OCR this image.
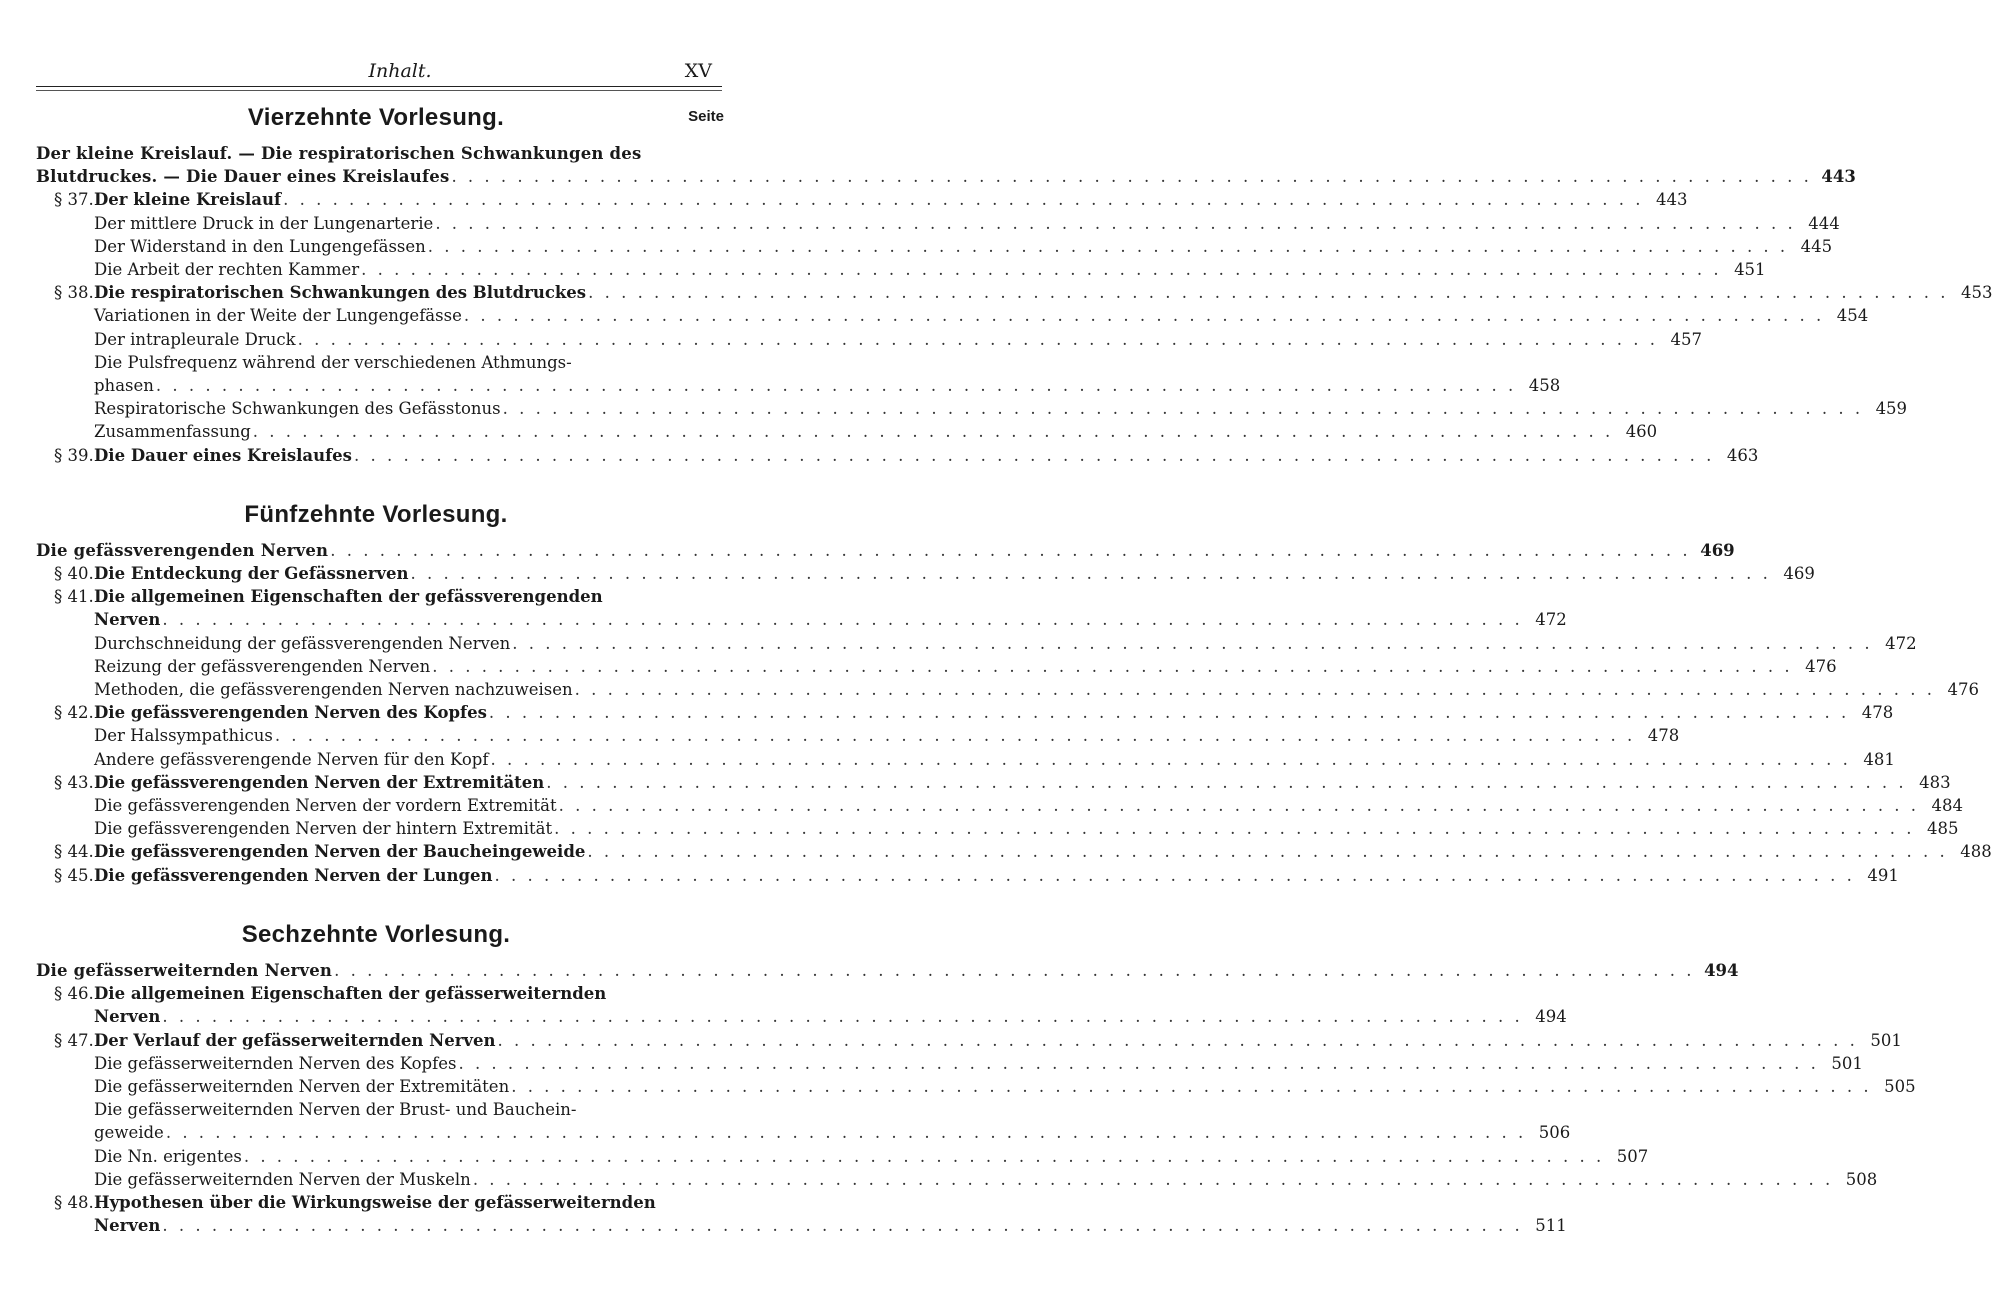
Inhalt.	XV
Vierzehnte Vorlesung.	Seite
Der kleine Kreislauf. — Die respiratorischen Schwankungen des
Blutdruckes. — Die Dauer eines Kreislaufes . . . . . . . . . . . . . . . . . . . . . . . . . . . . . . . . . . . . . . . . . . . . . . . . . . . . . . . . . . . . . . . . . . . . . . . . . . . . . . . . . . . 443
§ 37.Der kleine Kreislauf . . . . . . . . . . . . . . . . . . . . . . . . . . . . . . . . . . . . . . . . . . . . . . . . . . . . . . . . . . . . . . . . . . . . . . . . . . . . . . . . . . . 443
Der mittlere Druck in der Lungenarterie . . . . . . . . . . . . . . . . . . . . . . . . . . . . . . . . . . . . . . . . . . . . . . . . . . . . . . . . . . . . . . . . . . . . . . . . . . . . . . . . . . . 444
Der Widerstand in den Lungengefässen . . . . . . . . . . . . . . . . . . . . . . . . . . . . . . . . . . . . . . . . . . . . . . . . . . . . . . . . . . . . . . . . . . . . . . . . . . . . . . . . . . . 445
Die Arbeit der rechten Kammer . . . . . . . . . . . . . . . . . . . . . . . . . . . . . . . . . . . . . . . . . . . . . . . . . . . . . . . . . . . . . . . . . . . . . . . . . . . . . . . . . . . 451
§ 38.Die respiratorischen Schwankungen des Blutdruckes . . . . . . . . . . . . . . . . . . . . . . . . . . . . . . . . . . . . . . . . . . . . . . . . . . . . . . . . . . . . . . . . . . . . . . . . . . . . . . . . . . . 453
Variationen in der Weite der Lungengefässe . . . . . . . . . . . . . . . . . . . . . . . . . . . . . . . . . . . . . . . . . . . . . . . . . . . . . . . . . . . . . . . . . . . . . . . . . . . . . . . . . . . 454
Der intrapleurale Druck . . . . . . . . . . . . . . . . . . . . . . . . . . . . . . . . . . . . . . . . . . . . . . . . . . . . . . . . . . . . . . . . . . . . . . . . . . . . . . . . . . . 457
Die Pulsfrequenz während der verschiedenen Athmungs-
phasen . . . . . . . . . . . . . . . . . . . . . . . . . . . . . . . . . . . . . . . . . . . . . . . . . . . . . . . . . . . . . . . . . . . . . . . . . . . . . . . . . . . 458
Respiratorische Schwankungen des Gefässtonus . . . . . . . . . . . . . . . . . . . . . . . . . . . . . . . . . . . . . . . . . . . . . . . . . . . . . . . . . . . . . . . . . . . . . . . . . . . . . . . . . . . 459
Zusammenfassung . . . . . . . . . . . . . . . . . . . . . . . . . . . . . . . . . . . . . . . . . . . . . . . . . . . . . . . . . . . . . . . . . . . . . . . . . . . . . . . . . . . 460
§ 39.Die Dauer eines Kreislaufes . . . . . . . . . . . . . . . . . . . . . . . . . . . . . . . . . . . . . . . . . . . . . . . . . . . . . . . . . . . . . . . . . . . . . . . . . . . . . . . . . . . 463
Fünfzehnte Vorlesung.
Die gefässverengenden Nerven . . . . . . . . . . . . . . . . . . . . . . . . . . . . . . . . . . . . . . . . . . . . . . . . . . . . . . . . . . . . . . . . . . . . . . . . . . . . . . . . . . . 469
§ 40.Die Entdeckung der Gefässnerven . . . . . . . . . . . . . . . . . . . . . . . . . . . . . . . . . . . . . . . . . . . . . . . . . . . . . . . . . . . . . . . . . . . . . . . . . . . . . . . . . . . 469
§ 41.Die allgemeinen Eigenschaften der gefässverengenden
Nerven . . . . . . . . . . . . . . . . . . . . . . . . . . . . . . . . . . . . . . . . . . . . . . . . . . . . . . . . . . . . . . . . . . . . . . . . . . . . . . . . . . . 472
Durchschneidung der gefässverengenden Nerven . . . . . . . . . . . . . . . . . . . . . . . . . . . . . . . . . . . . . . . . . . . . . . . . . . . . . . . . . . . . . . . . . . . . . . . . . . . . . . . . . . . 472
Reizung der gefässverengenden Nerven . . . . . . . . . . . . . . . . . . . . . . . . . . . . . . . . . . . . . . . . . . . . . . . . . . . . . . . . . . . . . . . . . . . . . . . . . . . . . . . . . . . 476
Methoden, die gefässverengenden Nerven nachzuweisen . . . . . . . . . . . . . . . . . . . . . . . . . . . . . . . . . . . . . . . . . . . . . . . . . . . . . . . . . . . . . . . . . . . . . . . . . . . . . . . . . . . 476
§ 42.Die gefässverengenden Nerven des Kopfes . . . . . . . . . . . . . . . . . . . . . . . . . . . . . . . . . . . . . . . . . . . . . . . . . . . . . . . . . . . . . . . . . . . . . . . . . . . . . . . . . . . 478
Der Halssympathicus . . . . . . . . . . . . . . . . . . . . . . . . . . . . . . . . . . . . . . . . . . . . . . . . . . . . . . . . . . . . . . . . . . . . . . . . . . . . . . . . . . . 478
Andere gefässverengende Nerven für den Kopf . . . . . . . . . . . . . . . . . . . . . . . . . . . . . . . . . . . . . . . . . . . . . . . . . . . . . . . . . . . . . . . . . . . . . . . . . . . . . . . . . . . 481
§ 43.Die gefässverengenden Nerven der Extremitäten . . . . . . . . . . . . . . . . . . . . . . . . . . . . . . . . . . . . . . . . . . . . . . . . . . . . . . . . . . . . . . . . . . . . . . . . . . . . . . . . . . . 483
Die gefässverengenden Nerven der vordern Extremität . . . . . . . . . . . . . . . . . . . . . . . . . . . . . . . . . . . . . . . . . . . . . . . . . . . . . . . . . . . . . . . . . . . . . . . . . . . . . . . . . . . 484
Die gefässverengenden Nerven der hintern Extremität . . . . . . . . . . . . . . . . . . . . . . . . . . . . . . . . . . . . . . . . . . . . . . . . . . . . . . . . . . . . . . . . . . . . . . . . . . . . . . . . . . . 485
§ 44.Die gefässverengenden Nerven der Baucheingeweide . . . . . . . . . . . . . . . . . . . . . . . . . . . . . . . . . . . . . . . . . . . . . . . . . . . . . . . . . . . . . . . . . . . . . . . . . . . . . . . . . . . 488
§ 45.Die gefässverengenden Nerven der Lungen . . . . . . . . . . . . . . . . . . . . . . . . . . . . . . . . . . . . . . . . . . . . . . . . . . . . . . . . . . . . . . . . . . . . . . . . . . . . . . . . . . . 491
Sechzehnte Vorlesung.
Die gefässerweiternden Nerven . . . . . . . . . . . . . . . . . . . . . . . . . . . . . . . . . . . . . . . . . . . . . . . . . . . . . . . . . . . . . . . . . . . . . . . . . . . . . . . . . . . 494
§ 46.Die allgemeinen Eigenschaften der gefässerweiternden
Nerven . . . . . . . . . . . . . . . . . . . . . . . . . . . . . . . . . . . . . . . . . . . . . . . . . . . . . . . . . . . . . . . . . . . . . . . . . . . . . . . . . . . 494
§ 47.Der Verlauf der gefässerweiternden Nerven . . . . . . . . . . . . . . . . . . . . . . . . . . . . . . . . . . . . . . . . . . . . . . . . . . . . . . . . . . . . . . . . . . . . . . . . . . . . . . . . . . . 501
Die gefässerweiternden Nerven des Kopfes . . . . . . . . . . . . . . . . . . . . . . . . . . . . . . . . . . . . . . . . . . . . . . . . . . . . . . . . . . . . . . . . . . . . . . . . . . . . . . . . . . . 501
Die gefässerweiternden Nerven der Extremitäten . . . . . . . . . . . . . . . . . . . . . . . . . . . . . . . . . . . . . . . . . . . . . . . . . . . . . . . . . . . . . . . . . . . . . . . . . . . . . . . . . . . 505
Die gefässerweiternden Nerven der Brust- und Bauchein-
geweide . . . . . . . . . . . . . . . . . . . . . . . . . . . . . . . . . . . . . . . . . . . . . . . . . . . . . . . . . . . . . . . . . . . . . . . . . . . . . . . . . . . 506
Die Nn. erigentes . . . . . . . . . . . . . . . . . . . . . . . . . . . . . . . . . . . . . . . . . . . . . . . . . . . . . . . . . . . . . . . . . . . . . . . . . . . . . . . . . . . 507
Die gefässerweiternden Nerven der Muskeln . . . . . . . . . . . . . . . . . . . . . . . . . . . . . . . . . . . . . . . . . . . . . . . . . . . . . . . . . . . . . . . . . . . . . . . . . . . . . . . . . . . 508
§ 48.Hypothesen über die Wirkungsweise der gefässerweiternden
Nerven . . . . . . . . . . . . . . . . . . . . . . . . . . . . . . . . . . . . . . . . . . . . . . . . . . . . . . . . . . . . . . . . . . . . . . . . . . . . . . . . . . . 511
